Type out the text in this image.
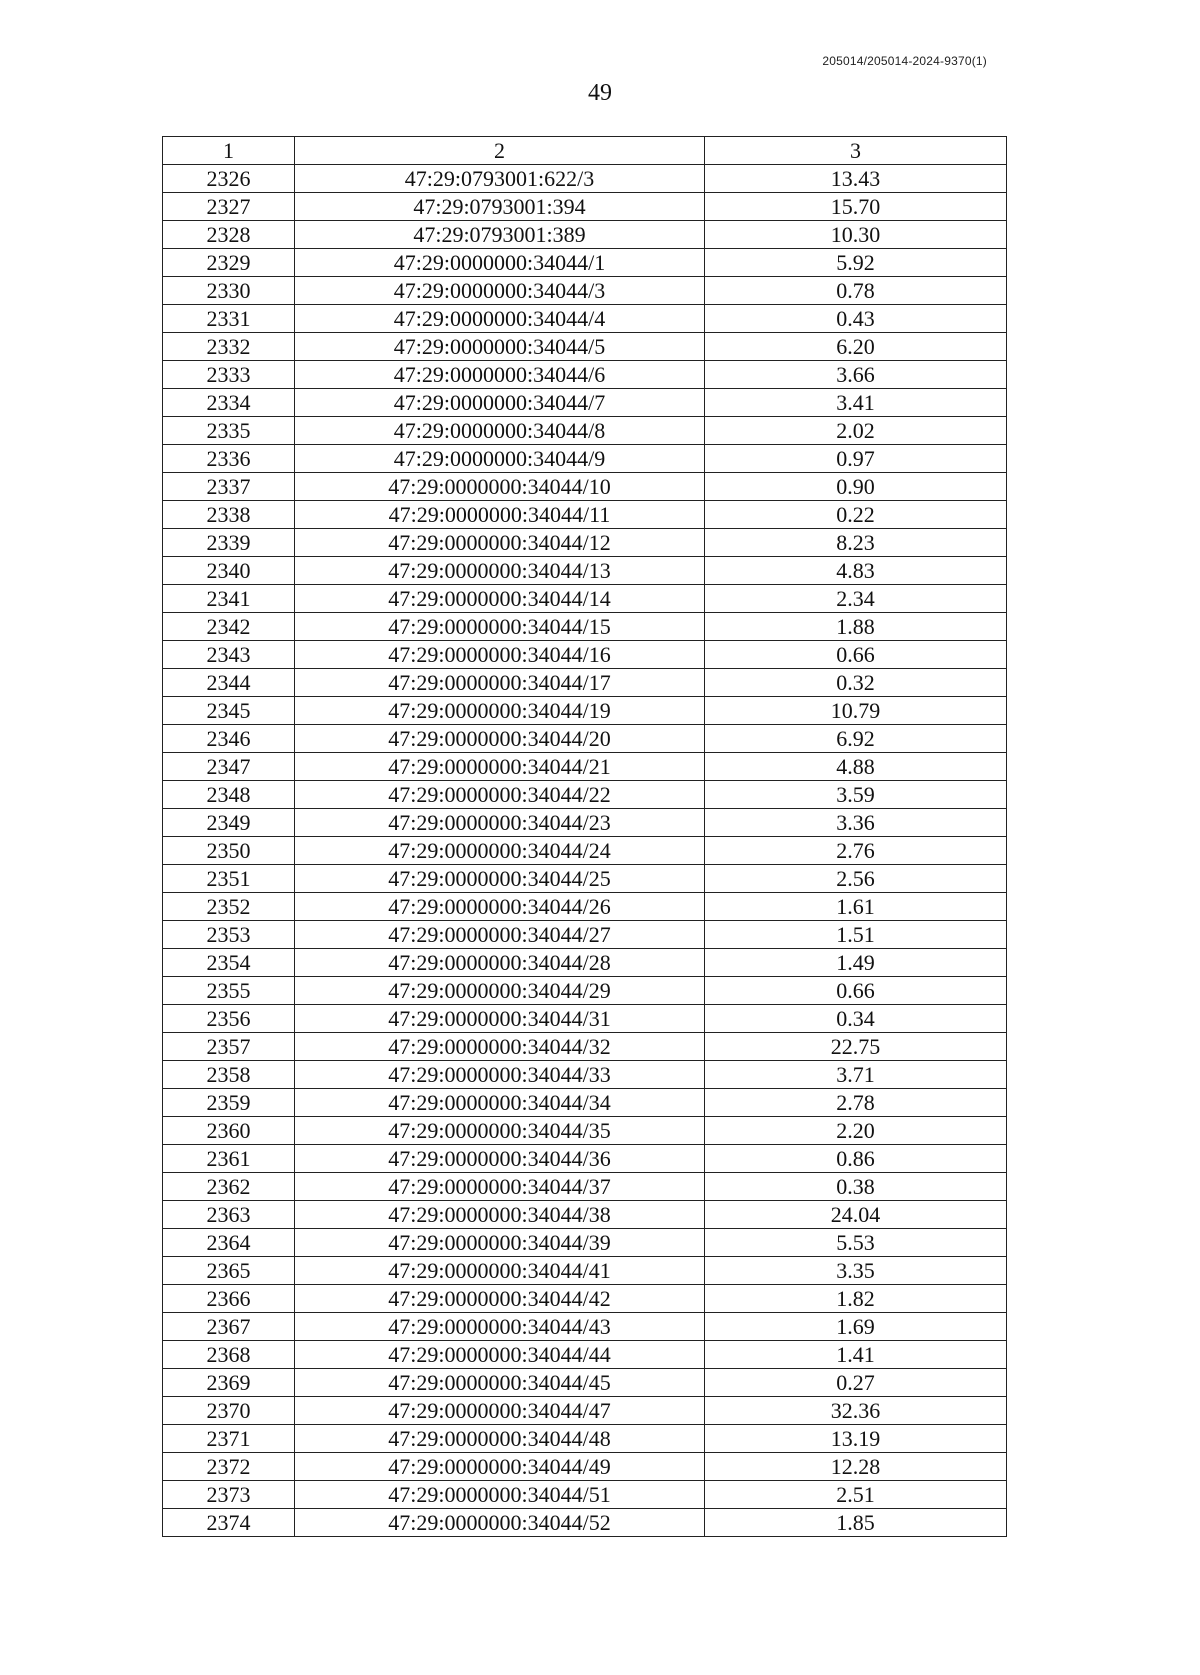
205014/205014-2024-9370(1)
49
1	2	3
2326	47:29:0793001:622/3	13.43
2327	47:29:0793001:394	15.70
2328	47:29:0793001:389	10.30
2329	47:29:0000000:34044/1	5.92
2330	47:29:0000000:34044/3	0.78
2331	47:29:0000000:34044/4	0.43
2332	47:29:0000000:34044/5	6.20
2333	47:29:0000000:34044/6	3.66
2334	47:29:0000000:34044/7	3.41
2335	47:29:0000000:34044/8	2.02
2336	47:29:0000000:34044/9	0.97
2337	47:29:0000000:34044/10	0.90
2338	47:29:0000000:34044/11	0.22
2339	47:29:0000000:34044/12	8.23
2340	47:29:0000000:34044/13	4.83
2341	47:29:0000000:34044/14	2.34
2342	47:29:0000000:34044/15	1.88
2343	47:29:0000000:34044/16	0.66
2344	47:29:0000000:34044/17	0.32
2345	47:29:0000000:34044/19	10.79
2346	47:29:0000000:34044/20	6.92
2347	47:29:0000000:34044/21	4.88
2348	47:29:0000000:34044/22	3.59
2349	47:29:0000000:34044/23	3.36
2350	47:29:0000000:34044/24	2.76
2351	47:29:0000000:34044/25	2.56
2352	47:29:0000000:34044/26	1.61
2353	47:29:0000000:34044/27	1.51
2354	47:29:0000000:34044/28	1.49
2355	47:29:0000000:34044/29	0.66
2356	47:29:0000000:34044/31	0.34
2357	47:29:0000000:34044/32	22.75
2358	47:29:0000000:34044/33	3.71
2359	47:29:0000000:34044/34	2.78
2360	47:29:0000000:34044/35	2.20
2361	47:29:0000000:34044/36	0.86
2362	47:29:0000000:34044/37	0.38
2363	47:29:0000000:34044/38	24.04
2364	47:29:0000000:34044/39	5.53
2365	47:29:0000000:34044/41	3.35
2366	47:29:0000000:34044/42	1.82
2367	47:29:0000000:34044/43	1.69
2368	47:29:0000000:34044/44	1.41
2369	47:29:0000000:34044/45	0.27
2370	47:29:0000000:34044/47	32.36
2371	47:29:0000000:34044/48	13.19
2372	47:29:0000000:34044/49	12.28
2373	47:29:0000000:34044/51	2.51
2374	47:29:0000000:34044/52	1.85
